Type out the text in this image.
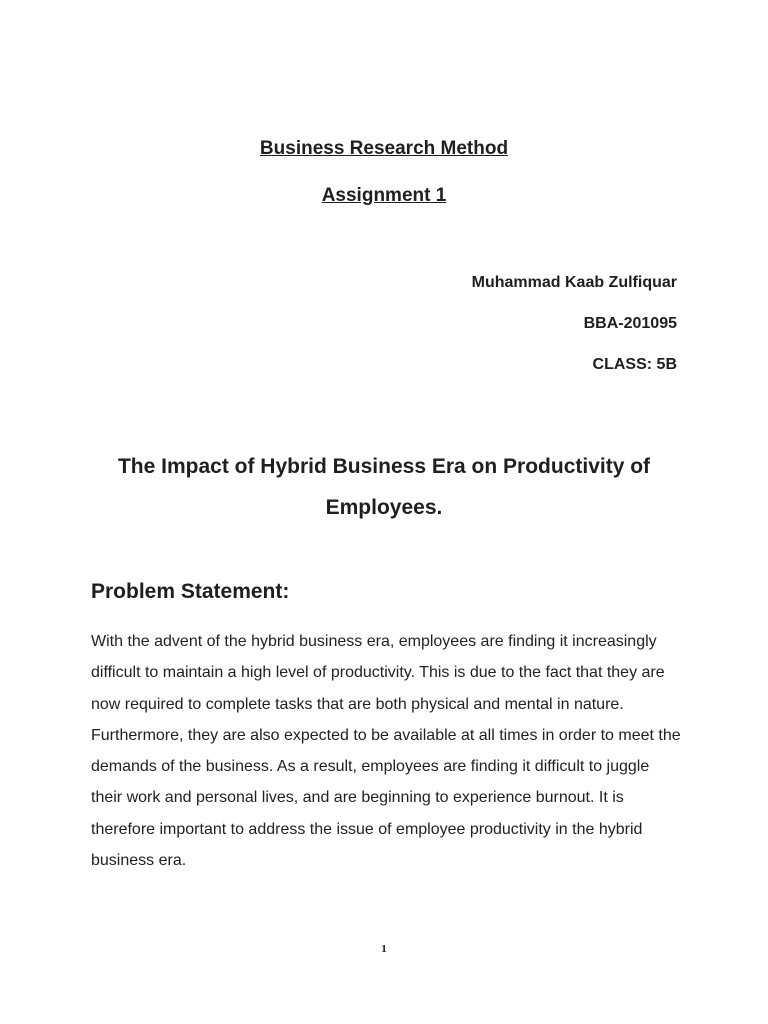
Business Research Method
Assignment 1
Muhammad Kaab Zulfiquar
BBA-201095
CLASS: 5B
The Impact of Hybrid Business Era on Productivity of Employees.
Problem Statement:
With the advent of the hybrid business era, employees are finding it increasingly difficult to maintain a high level of productivity. This is due to the fact that they are now required to complete tasks that are both physical and mental in nature. Furthermore, they are also expected to be available at all times in order to meet the demands of the business. As a result, employees are finding it difficult to juggle their work and personal lives, and are beginning to experience burnout. It is therefore important to address the issue of employee productivity in the hybrid business era.
1
